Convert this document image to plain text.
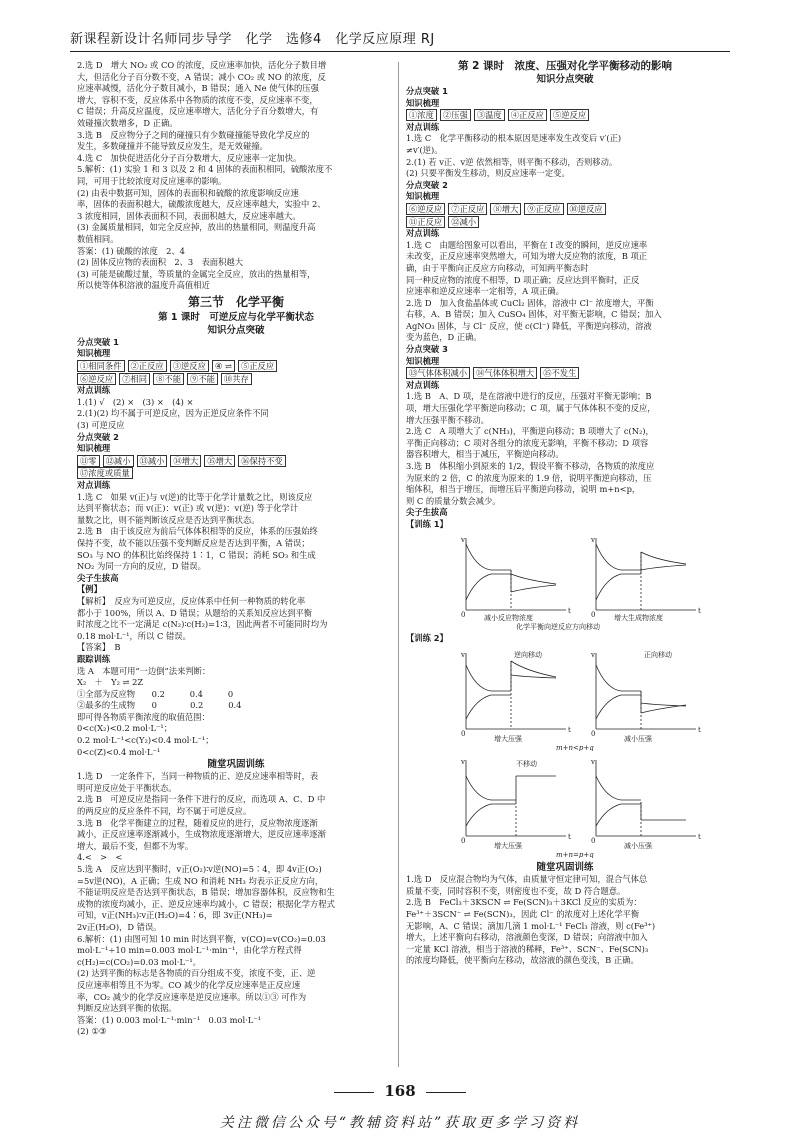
新课程新设计名师同步导学　化学　选修4　化学反应原理 RJ
2.选 D　增大 NO₂ 或 CO 的浓度，反应速率加快，活化分子数目增
大，但活化分子百分数不变，A 错误；减小 CO₂ 或 NO 的浓度，反
应速率减慢，活化分子数目减小，B 错误；通入 Ne 使气体的压强
增大，容积不变，反应体系中各物质的浓度不变，反应速率不变，
C 错误；升高反应温度，反应速率增大，活化分子百分数增大，有
效碰撞次数增多，D 正确。
3.选 B　反应物分子之间的碰撞只有少数碰撞能导致化学反应的
发生，多数碰撞并不能导致反应发生，是无效碰撞。
4.选 C　加快促进活化分子百分数增大，反应速率一定加快。
5.解析：(1) 实验 1 和 3 以及 2 和 4 固体的表面积相同，硫酸浓度不
同，可用于比较浓度对反应速率的影响。
(2) 由表中数据可知，固体的表面积和硫酸的浓度影响反应速
率，固体的表面积越大，硫酸浓度越大，反应速率越大，实验中 2、
3 浓度相同，固体表面积不同，表面积越大，反应速率越大。
(3) 金属质量相同，如完全反应掉，放出的热量相同，则温度升高
数值相同。
答案：(1) 硫酸的浓度　2、4
(2) 固体反应物的表面积　2、3　表面积越大
(3) 可能是硫酸过量，等质量的金属完全反应，放出的热量相等，
所以使等体积溶液的温度升高值相近
第三节　化学平衡
第 1 课时　可逆反应与化学平衡状态
知识分点突破
分点突破 1
知识梳理
①相同条件 ②正反应 ③逆反应 ④ ⇌ ⑤正反应
⑥逆反应 ⑦相同 ⑧不能 ⑨不能 ⑩共存
对点训练
1.(1) √　(2) ×　(3) ×　(4) ×
2.(1)(2) 均不属于可逆反应，因为正逆反应条件不同
(3) 可逆反应
分点突破 2
知识梳理
⑪零 ⑫减小 ⑬减小 ⑭增大 ⑮增大 ⑯保持不变
⑰浓度或质量
对点训练
1.选 C　如果 v(正)与 v(逆)的比等于化学计量数之比，则该反应
达到平衡状态；而 v(正)：v(正) 或 v(逆)：v(逆) 等于化学计
量数之比，则不能判断该反应是否达到平衡状态。
2.选 B　由于该反应为前后气体体积相等的反应，体系的压强始终
保持不变，故不能以压强不变判断反应是否达到平衡，A 错误；
SO₃ 与 NO 的体积比始终保持 1∶1，C 错误；消耗 SO₃ 和生成
NO₂ 为同一方向的反应，D 错误。
尖子生拔高
【例】
【解析】　反应为可逆反应，反应体系中任何一种物质的转化率
都小于 100%，所以 A、D 错误；从题给的关系知反应达到平衡
时浓度之比不一定满足 c(N₂)∶c(H₂)=1∶3，因此两者不可能同时均为
0.18 mol·L⁻¹，所以 C 错误。
【答案】　B
跟踪训练
选 A　本题可用“一边倒”法来判断：
X₂　＋　Y₂ ⇌ 2Z
①全部为反应物　　0.2　　　0.4　　　0
②最多的生成物　　0　　　　0.2　　　0.4
即可得各物质平衡浓度的取值范围：
0<c(X₂)<0.2 mol·L⁻¹；
0.2 mol·L⁻¹<c(Y₂)<0.4 mol·L⁻¹；
0<c(Z)<0.4 mol·L⁻¹
随堂巩固训练
1.选 D　一定条件下，当同一种物质的正、逆反应速率相等时，表
明可逆反应处于平衡状态。
2.选 B　可逆反应是指同一条件下进行的反应，而选项 A、C、D 中
的两反应的反应条件不同，均不属于可逆反应。
3.选 B　化学平衡建立的过程，随着反应的进行，反应物浓度逐渐
减小，正反应速率逐渐减小，生成物浓度逐渐增大，逆反应速率逐渐
增大，最后不变，但都不为零。
4.<　>　<
5.选 A　反应达到平衡时，v正(O₂)∶v逆(NO)=5∶4，即 4v正(O₂)
=5v逆(NO)，A 正确；生成 NO 和消耗 NH₃ 均表示正反应方向，
不能证明反应是否达到平衡状态，B 错误；增加容器体积，反应物和生
成物的浓度均减小，正、逆反应速率均减小，C 错误；根据化学方程式
可知，v正(NH₃)∶v正(H₂O)=4∶6，即 3v正(NH₃)=
2v正(H₂O)，D 错误。
6.解析：(1) 由图可知 10 min 时达到平衡，v(CO)=v(CO₂)=0.03
mol·L⁻¹÷10 min=0.003 mol·L⁻¹·min⁻¹，由化学方程式得
c(H₂)=c(CO₂)=0.03 mol·L⁻¹。
(2) 达到平衡的标志是各物质的百分组成不变，浓度不变，正、逆
反应速率相等且不为零。CO 减少的化学反应速率是正反应速
率，CO₂ 减少的化学反应速率是逆反应速率。所以①③ 可作为
判断反应达到平衡的依据。
答案：(1) 0.003 mol·L⁻¹·min⁻¹　0.03 mol·L⁻¹
(2) ①③
第 2 课时　浓度、压强对化学平衡移动的影响
知识分点突破
分点突破 1
知识梳理
①浓度 ②压强 ③温度 ④正反应 ⑤逆反应
对点训练
1.选 C　化学平衡移动的根本原因是速率发生改变后 v′(正)
≠v′(逆)。
2.(1) 若 v正、v逆 依然相等，则平衡不移动，否则移动。
(2) 只要平衡发生移动，则反应速率一定变。
分点突破 2
知识梳理
⑥逆反应 ⑦正反应 ⑧增大 ⑨正反应 ⑩逆反应
⑪正反应 ⑫减小
对点训练
1.选 C　由题给图象可以看出，平衡在 I 改变的瞬间，逆反应速率
未改变，正反应速率突然增大，可知为增大反应物的浓度，B 项正
确，由于平衡向正反应方向移动，可知两平衡态时
同一种反应物的浓度不相等，D 项正确；反应达到平衡时，正反
应速率和逆反应速率一定相等，A 项正确。
2.选 D　加入食盐晶体或 CuCl₂ 固体，溶液中 Cl⁻ 浓度增大，平衡
右移，A、B 错误；加入 CuSO₄ 固体，对平衡无影响，C 错误；加入
AgNO₃ 固体，与 Cl⁻ 反应，使 c(Cl⁻) 降低，平衡逆向移动，溶液
变为蓝色，D 正确。
分点突破 3
知识梳理
⑬气体体积减小 ⑭气体体积增大 ⑮不发生
对点训练
1.选 B　A、D 项，是在溶液中进行的反应，压强对平衡无影响；B
项，增大压强化学平衡逆向移动；C 项，属于气体体积不变的反应，
增大压强平衡不移动。
2.选 C　A 项增大了 c(NH₃)，平衡逆向移动；B 项增大了 c(N₂)，
平衡正向移动；C 项对各组分的浓度无影响，平衡不移动；D 项容
器容积增大，相当于减压，平衡逆向移动。
3.选 B　体积缩小到原来的 1/2，假设平衡不移动，各物质的浓度应
为原来的 2 倍，C 的浓度为原来的 1.9 倍，说明平衡逆向移动，压
缩体积，相当于增压，而增压后平衡逆向移动，说明 m+n<p，
则 C 的质量分数会减少。
尖子生拔高
【训练 1】
v
t
0
v
t
0
减小反应物浓度	增大生成物浓度
化学平衡向逆反应方向移动
【训练 2】
v
t
0
v
t
0
逆向移动	正向移动
增大压强	减小压强
m+n<p+q
v
t
0
v
t
0
不移动
增大压强	减小压强
m+n=p+q
随堂巩固训练
1.选 D　反应混合物均为气体，由质量守恒定律可知，混合气体总
质量不变，同时容积不变，则密度也不变，故 D 符合题意。
2.选 B　FeCl₃＋3KSCN ⇌ Fe(SCN)₃＋3KCl 反应的实质为：
Fe³⁺＋3SCN⁻ ⇌ Fe(SCN)₃，因此 Cl⁻ 的浓度对上述化学平衡
无影响，A、C 错误；滴加几滴 1 mol·L⁻¹ FeCl₃ 溶液，则 c(Fe³⁺)
增大，上述平衡向右移动，溶液颜色变深，D 错误；向溶液中加入
一定量 KCl 溶液，相当于溶液的稀释，Fe³⁺、SCN⁻、Fe(SCN)₃
的浓度均降低，使平衡向左移动，故溶液的颜色变浅，B 正确。
168
关注微信公众号“教辅资料站”获取更多学习资料
